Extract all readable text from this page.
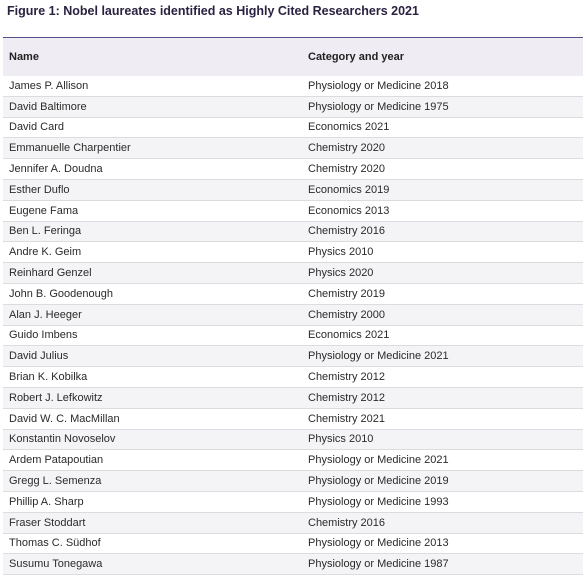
Figure 1: Nobel laureates identified as Highly Cited Researchers 2021
Name	Category and year
James P. Allison	Physiology or Medicine 2018
David Baltimore	Physiology or Medicine 1975
David Card	Economics 2021
Emmanuelle Charpentier	Chemistry 2020
Jennifer A. Doudna	Chemistry 2020
Esther Duflo	Economics 2019
Eugene Fama	Economics 2013
Ben L. Feringa	Chemistry 2016
Andre K. Geim	Physics 2010
Reinhard Genzel	Physics 2020
John B. Goodenough	Chemistry 2019
Alan J. Heeger	Chemistry 2000
Guido Imbens	Economics 2021
David Julius	Physiology or Medicine 2021
Brian K. Kobilka	Chemistry 2012
Robert J. Lefkowitz	Chemistry 2012
David W. C. MacMillan	Chemistry 2021
Konstantin Novoselov	Physics 2010
Ardem Patapoutian	Physiology or Medicine 2021
Gregg L. Semenza	Physiology or Medicine 2019
Phillip A. Sharp	Physiology or Medicine 1993
Fraser Stoddart	Chemistry 2016
Thomas C. Südhof	Physiology or Medicine 2013
Susumu Tonegawa	Physiology or Medicine 1987
